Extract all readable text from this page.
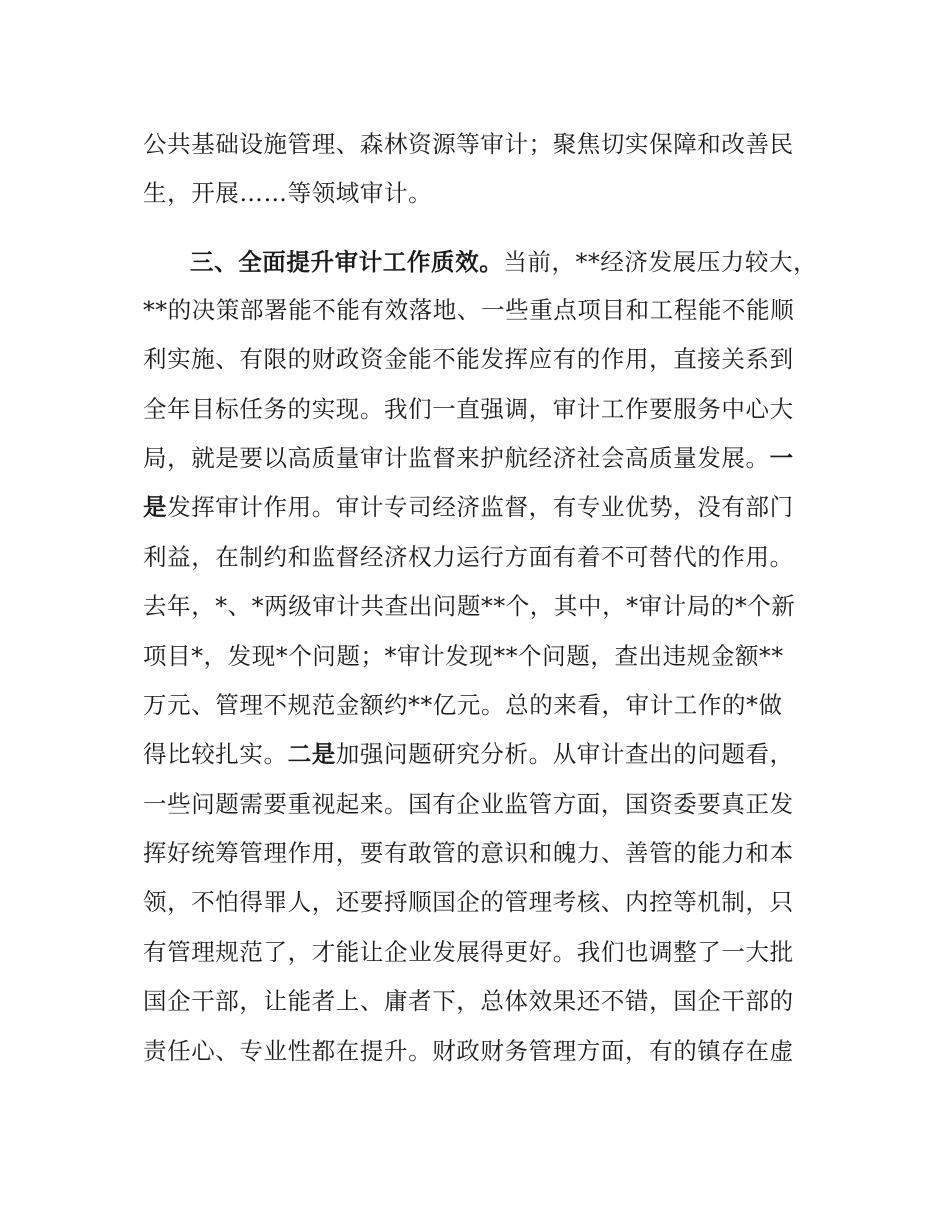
公共基础设施管理、森林资源等审计；聚焦切实保障和改善民
生，开展……等领域审计。
三、全面提升审计工作质效。当前，**经济发展压力较大，
**的决策部署能不能有效落地、一些重点项目和工程能不能顺
利实施、有限的财政资金能不能发挥应有的作用，直接关系到
全年目标任务的实现。我们一直强调，审计工作要服务中心大
局，就是要以高质量审计监督来护航经济社会高质量发展。一
是发挥审计作用。审计专司经济监督，有专业优势，没有部门
利益，在制约和监督经济权力运行方面有着不可替代的作用。
去年，*、*两级审计共查出问题**个，其中，*审计局的*个新
项目*，发现*个问题；*审计发现**个问题，查出违规金额**
万元、管理不规范金额约**亿元。总的来看，审计工作的*做
得比较扎实。二是加强问题研究分析。从审计查出的问题看，
一些问题需要重视起来。国有企业监管方面，国资委要真正发
挥好统筹管理作用，要有敢管的意识和魄力、善管的能力和本
领，不怕得罪人，还要捋顺国企的管理考核、内控等机制，只
有管理规范了，才能让企业发展得更好。我们也调整了一大批
国企干部，让能者上、庸者下，总体效果还不错，国企干部的
责任心、专业性都在提升。财政财务管理方面，有的镇存在虚
